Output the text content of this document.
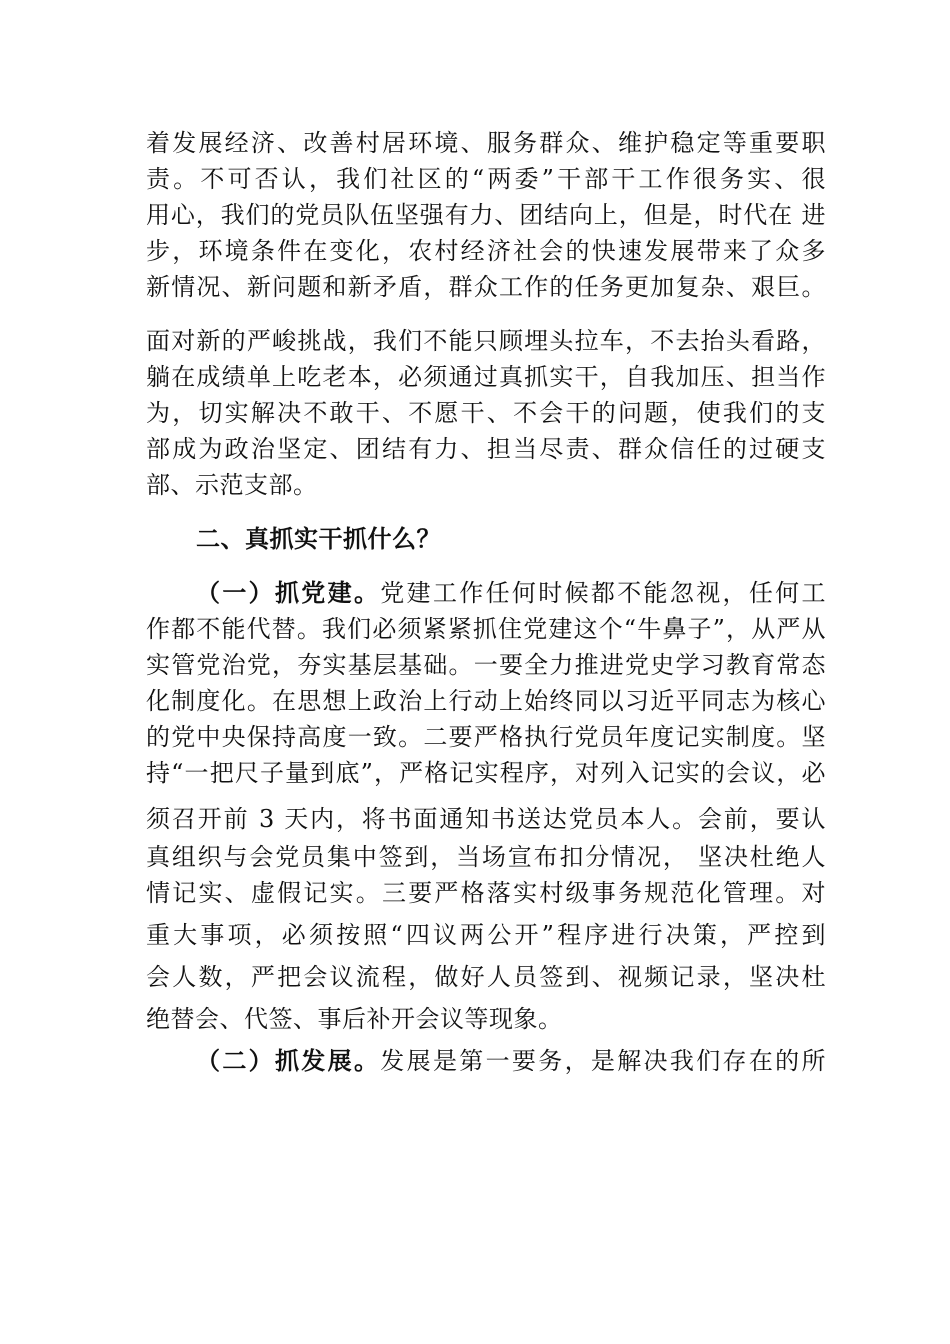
着发展经济、改善村居环境、服务群众、维护稳定等重要职

责。不可否认，我们社区的“两委”干部干工作很务实、很

用心，我们的党员队伍坚强有力、团结向上，但是，时代在 进

步，环境条件在变化，农村经济社会的快速发展带来了众多

新情况、新问题和新矛盾，群众工作的任务更加复杂、艰巨。

面对新的严峻挑战，我们不能只顾埋头拉车，不去抬头看路，

躺在成绩单上吃老本，必须通过真抓实干，自我加压、担当作

为，切实解决不敢干、不愿干、不会干的问题，使我们的支

部成为政治坚定、团结有力、担当尽责、群众信任的过硬支

部、示范支部。

二、真抓实干抓什么？

（一）抓党建。党建工作任何时候都不能忽视，任何工

作都不能代替。我们必须紧紧抓住党建这个“牛鼻子”，从严从

实管党治党，夯实基层基础。一要全力推进党史学习教育常态

化制度化。在思想上政治上行动上始终同以习近平同志为核心

的党中央保持高度一致。二要严格执行党员年度记实制度。坚

持“一把尺子量到底”，严格记实程序，对列入记实的会议，必

须召开前 3 天内，将书面通知书送达党员本人。会前，要认

真组织与会党员集中签到，当场宣布扣分情况， 坚决杜绝人

情记实、虚假记实。三要严格落实村级事务规范化管理。对

重大事项，必须按照“四议两公开”程序进行决策，严控到

会人数，严把会议流程，做好人员签到、视频记录，坚决杜

绝替会、代签、事后补开会议等现象。

（二）抓发展。发展是第一要务，是解决我们存在的所
